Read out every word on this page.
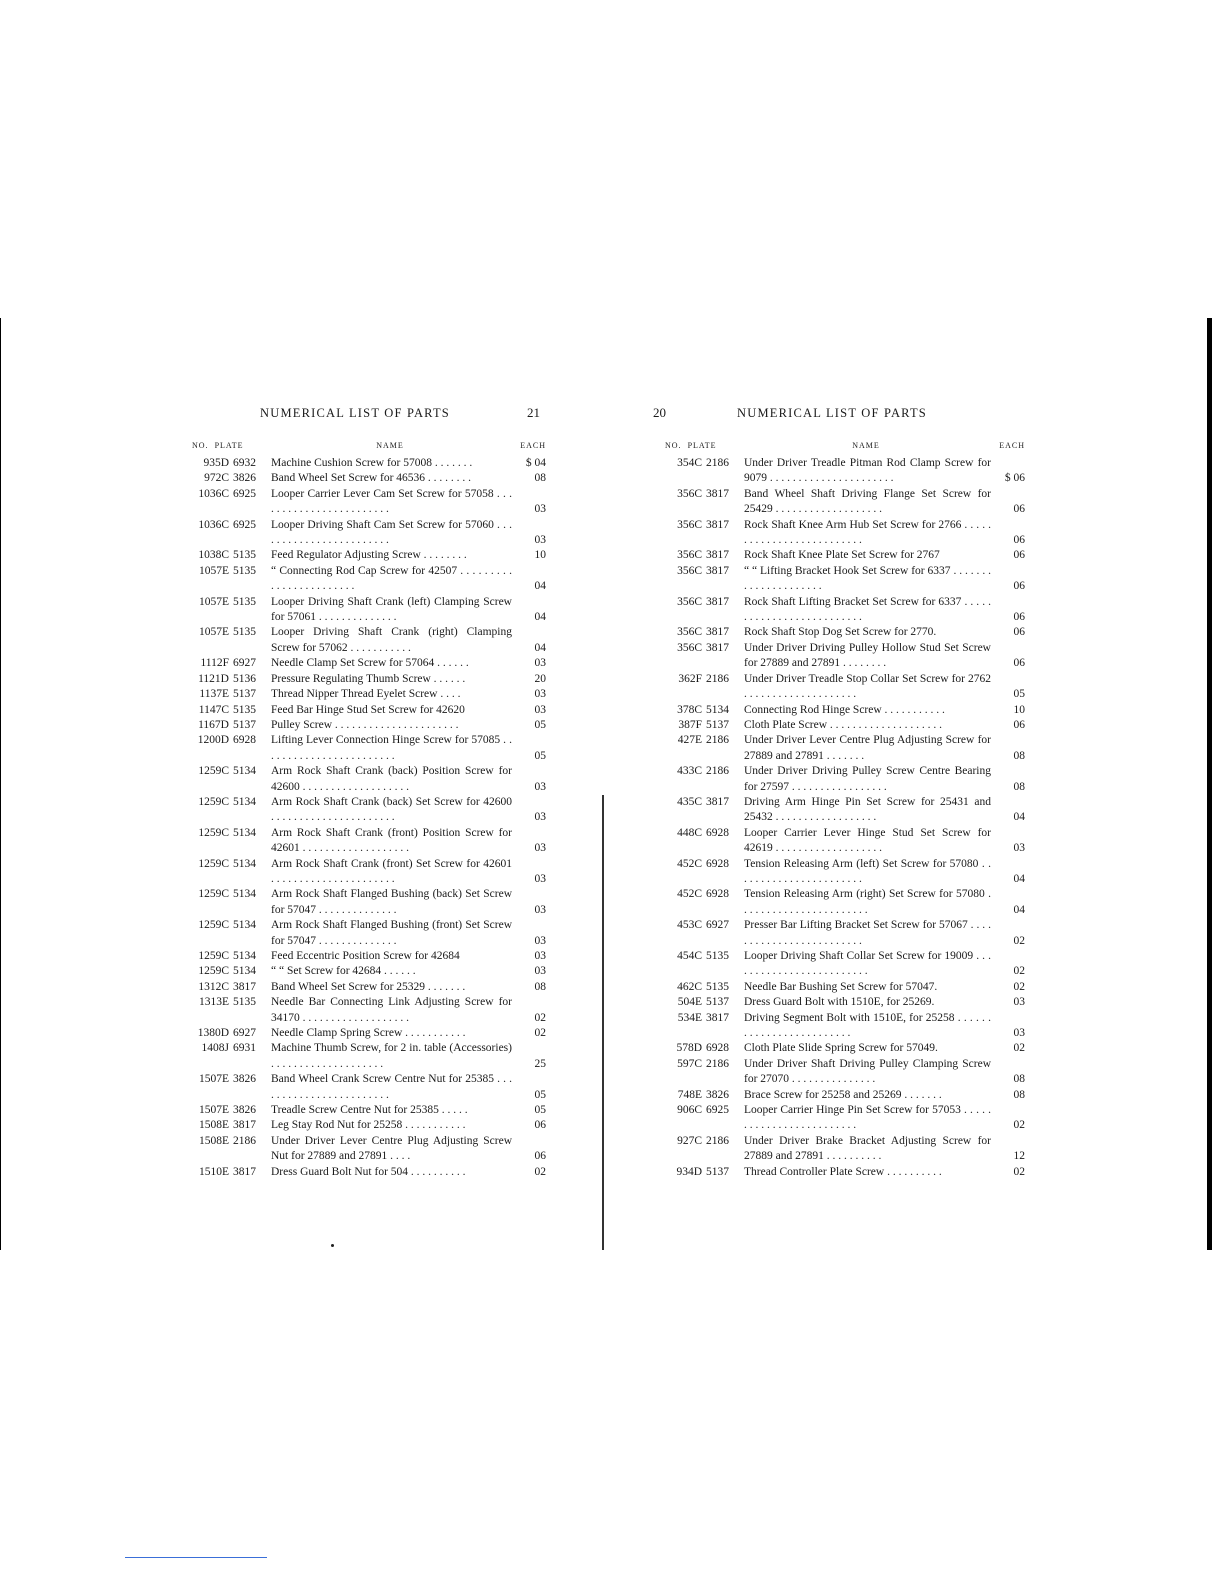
NUMERICAL LIST OF PARTS	21
NO. PLATE	NAME	EACH
935D 6932	Machine Cushion Screw for 57008 . . . . . . .	$ 04
972C 3826	Band Wheel Set Screw for 46536 . . . . . . . .	08
1036C 6925	Looper Carrier Lever Cam Set Screw for 57058 . . . . . . . . . . . . . . . . . . . . . . . .	03
1036C 6925	Looper Driving Shaft Cam Set Screw for 57060 . . . . . . . . . . . . . . . . . . . . . . . .	03
1038C 5135	Feed Regulator Adjusting Screw . . . . . . . .	10
1057E 5135	“ Connecting Rod Cap Screw for 42507 . . . . . . . . . . . . . . . . . . . . . . . .	04
1057E 5135	Looper Driving Shaft Crank (left) Clamping Screw for 57061 . . . . . . . . . . . . . .	04
1057E 5135	Looper Driving Shaft Crank (right) Clamping Screw for 57062 . . . . . . . . . . .	04
1112F 6927	Needle Clamp Set Screw for 57064 . . . . . .	03
1121D 5136	Pressure Regulating Thumb Screw . . . . . .	20
1137E 5137	Thread Nipper Thread Eyelet Screw . . . .	03
1147C 5135	Feed Bar Hinge Stud Set Screw for 42620	03
1167D 5137	Pulley Screw . . . . . . . . . . . . . . . . . . . . . .	05
1200D 6928	Lifting Lever Connection Hinge Screw for 57085 . . . . . . . . . . . . . . . . . . . . . . . .	05
1259C 5134	Arm Rock Shaft Crank (back) Position Screw for 42600 . . . . . . . . . . . . . . . . . . .	03
1259C 5134	Arm Rock Shaft Crank (back) Set Screw for 42600 . . . . . . . . . . . . . . . . . . . . . .	03
1259C 5134	Arm Rock Shaft Crank (front) Position Screw for 42601 . . . . . . . . . . . . . . . . . . .	03
1259C 5134	Arm Rock Shaft Crank (front) Set Screw for 42601 . . . . . . . . . . . . . . . . . . . . . .	03
1259C 5134	Arm Rock Shaft Flanged Bushing (back) Set Screw for 57047 . . . . . . . . . . . . . .	03
1259C 5134	Arm Rock Shaft Flanged Bushing (front) Set Screw for 57047 . . . . . . . . . . . . . .	03
1259C 5134	Feed Eccentric Position Screw for 42684	03
1259C 5134	“ “ Set Screw for 42684 . . . . . .	03
1312C 3817	Band Wheel Set Screw for 25329 . . . . . . .	08
1313E 5135	Needle Bar Connecting Link Adjusting Screw for 34170 . . . . . . . . . . . . . . . . . . .	02
1380D 6927	Needle Clamp Spring Screw . . . . . . . . . . .	02
1408J 6931	Machine Thumb Screw, for 2 in. table (Accessories) . . . . . . . . . . . . . . . . . . . .	25
1507E 3826	Band Wheel Crank Screw Centre Nut for 25385 . . . . . . . . . . . . . . . . . . . . . . . .	05
1507E 3826	Treadle Screw Centre Nut for 25385 . . . . .	05
1508E 3817	Leg Stay Rod Nut for 25258 . . . . . . . . . . .	06
1508E 2186	Under Driver Lever Centre Plug Adjusting Screw Nut for 27889 and 27891 . . . .	06
1510E 3817	Dress Guard Bolt Nut for 504 . . . . . . . . . .	02
20	NUMERICAL LIST OF PARTS
NO. PLATE	NAME	EACH
354C 2186	Under Driver Treadle Pitman Rod Clamp Screw for 9079 . . . . . . . . . . . . . . . . . . . . . .	$ 06
356C 3817	Band Wheel Shaft Driving Flange Set Screw for 25429 . . . . . . . . . . . . . . . . . . .	06
356C 3817	Rock Shaft Knee Arm Hub Set Screw for 2766 . . . . . . . . . . . . . . . . . . . . . . . . . .	06
356C 3817	Rock Shaft Knee Plate Set Screw for 2767	06
356C 3817	“ “ Lifting Bracket Hook Set Screw for 6337 . . . . . . . . . . . . . . . . . . . . .	06
356C 3817	Rock Shaft Lifting Bracket Set Screw for 6337 . . . . . . . . . . . . . . . . . . . . . . . . . .	06
356C 3817	Rock Shaft Stop Dog Set Screw for 2770.	06
356C 3817	Under Driver Driving Pulley Hollow Stud Set Screw for 27889 and 27891 . . . . . . . .	06
362F 2186	Under Driver Treadle Stop Collar Set Screw for 2762 . . . . . . . . . . . . . . . . . . . .	05
378C 5134	Connecting Rod Hinge Screw . . . . . . . . . . .	10
387F 5137	Cloth Plate Screw . . . . . . . . . . . . . . . . . . . .	06
427E 2186	Under Driver Lever Centre Plug Adjusting Screw for 27889 and 27891 . . . . . . .	08
433C 2186	Under Driver Driving Pulley Screw Centre Bearing for 27597 . . . . . . . . . . . . . . . . .	08
435C 3817	Driving Arm Hinge Pin Set Screw for 25431 and 25432 . . . . . . . . . . . . . . . . . .	04
448C 6928	Looper Carrier Lever Hinge Stud Set Screw for 42619 . . . . . . . . . . . . . . . . . . .	03
452C 6928	Tension Releasing Arm (left) Set Screw for 57080 . . . . . . . . . . . . . . . . . . . . . . .	04
452C 6928	Tension Releasing Arm (right) Set Screw for 57080 . . . . . . . . . . . . . . . . . . . . . . .	04
453C 6927	Presser Bar Lifting Bracket Set Screw for 57067 . . . . . . . . . . . . . . . . . . . . . . . . .	02
454C 5135	Looper Driving Shaft Collar Set Screw for 19009 . . . . . . . . . . . . . . . . . . . . . . . . .	02
462C 5135	Needle Bar Bushing Set Screw for 57047.	02
504E 5137	Dress Guard Bolt with 1510E, for 25269.	03
534E 3817	Driving Segment Bolt with 1510E, for 25258 . . . . . . . . . . . . . . . . . . . . . . . . .	03
578D 6928	Cloth Plate Slide Spring Screw for 57049.	02
597C 2186	Under Driver Shaft Driving Pulley Clamping Screw for 27070 . . . . . . . . . . . . . . .	08
748E 3826	Brace Screw for 25258 and 25269 . . . . . . .	08
906C 6925	Looper Carrier Hinge Pin Set Screw for 57053 . . . . . . . . . . . . . . . . . . . . . . . . .	02
927C 2186	Under Driver Brake Bracket Adjusting Screw for 27889 and 27891 . . . . . . . . . .	12
934D 5137	Thread Controller Plate Screw . . . . . . . . . .	02
